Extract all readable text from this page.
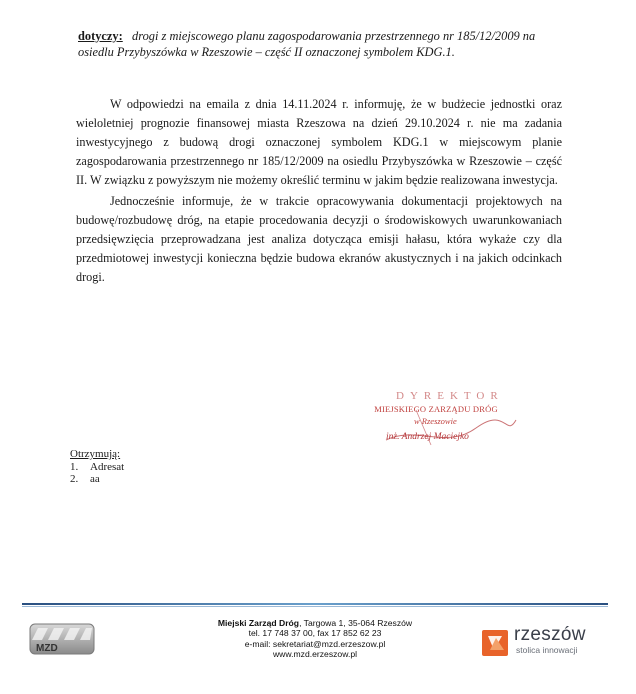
dotyczy: drogi z miejscowego planu zagospodarowania przestrzennego nr 185/12/2009 na
osiedlu Przybyszówka w Rzeszowie – część II oznaczonej symbolem KDG.1.

W odpowiedzi na emaila z dnia 14.11.2024 r. informuję, że w budżecie jednostki oraz wieloletniej prognozie finansowej miasta Rzeszowa na dzień 29.10.2024 r. nie ma zadania inwestycyjnego z budową drogi oznaczonej symbolem KDG.1 w miejscowym planie zagospodarowania przestrzennego nr 185/12/2009 na osiedlu Przybyszówka w Rzeszowie – część II. W związku z powyższym nie możemy określić terminu w jakim będzie realizowana inwestycja.

Jednocześnie informuje, że w trakcie opracowywania dokumentacji projektowych na budowę/rozbudowę dróg, na etapie procedowania decyzji o środowiskowych uwarunkowaniach przedsięwzięcia przeprowadzana jest analiza dotycząca emisji hałasu, która wykaże czy dla przedmiotowej inwestycji konieczna będzie budowa ekranów akustycznych i na jakich odcinkach drogi.

DYREKTOR
MIEJSKIEGO ZARZĄDU DRÓG
w Rzeszowie
inż. Andrzej Maciejko
Otrzymują:
1. Adresat
2. aa
MZD
Miejski Zarząd Dróg, Targowa 1, 35-064 Rzeszów
tel. 17 748 37 00, fax 17 852 62 23
e-mail: sekretariat@mzd.erzeszow.pl
www.mzd.erzeszow.pl
rzeszów
stolica innowacji
